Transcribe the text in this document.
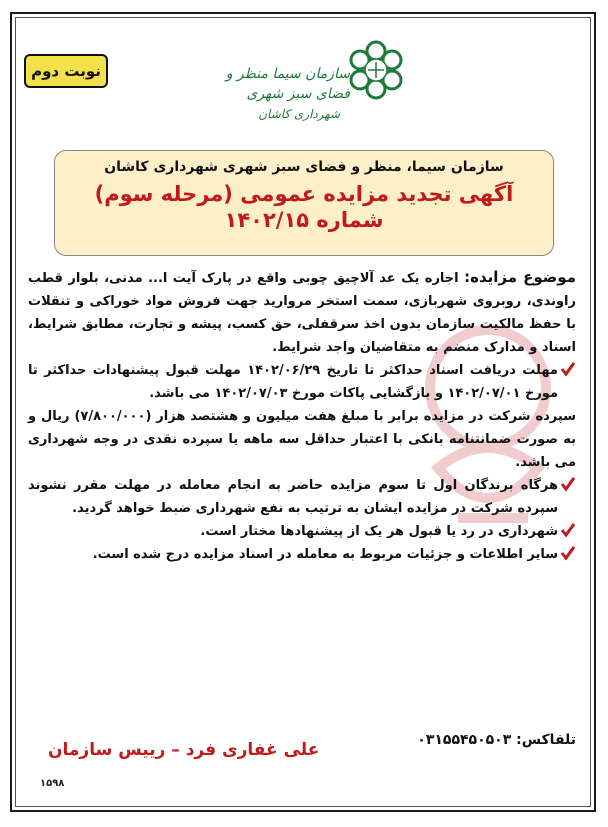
نوبت دوم	سازمان سیما منظر و فضای سبز شهری
شهرداری کاشان
سازمان سیما، منظر و فضای سبز شهری شهرداری کاشان
آگهی تجدید مزایده عمومی (مرحله سوم)
شماره ۱۴۰۲/۱۵

موضوع مزایده: اجاره یک عد آلاچیق چوبی واقع در پارک آیت ا... مدنی، بلوار قطب راوندی، روبروی شهربازی، سمت استخر مروارید جهت فروش مواد خوراکی و تنقلات با حفظ مالکیت سازمان بدون اخذ سرقفلی، حق کسب، پیشه و تجارت، مطابق شرایط، اسناد و مدارک منضم به متقاضیان واجد شرایط.

مهلت دریافت اسناد حداکثر تا تاریخ ۱۴۰۲/۰۶/۲۹ مهلت قبول پیشنهادات حداکثر تا مورخ ۱۴۰۲/۰۷/۰۱ و بازگشایی پاکات مورخ ۱۴۰۲/۰۷/۰۳ می باشد.

سپرده شرکت در مزایده برابر با مبلغ هفت میلیون و هشتصد هزار (۷/۸۰۰/۰۰۰) ریال و به صورت ضمانتنامه بانکی با اعتبار حداقل سه ماهه یا سپرده نقدی در وجه شهرداری می باشد.

هرگاه برندگان اول تا سوم مزایده حاضر به انجام معامله در مهلت مقرر نشوند سپرده شرکت در مزایده ایشان به ترتیب به نفع شهرداری ضبط خواهد گردید.

شهرداری در رد یا قبول هر یک از پیشنهادها مختار است.

سایر اطلاعات و جزئیات مربوط به معامله در اسناد مزایده درج شده است.

تلفاکس: ۰۳۱۵۵۴۵۰۵۰۳
علی غفاری فرد – رییس سازمان
۱۵۹۸
